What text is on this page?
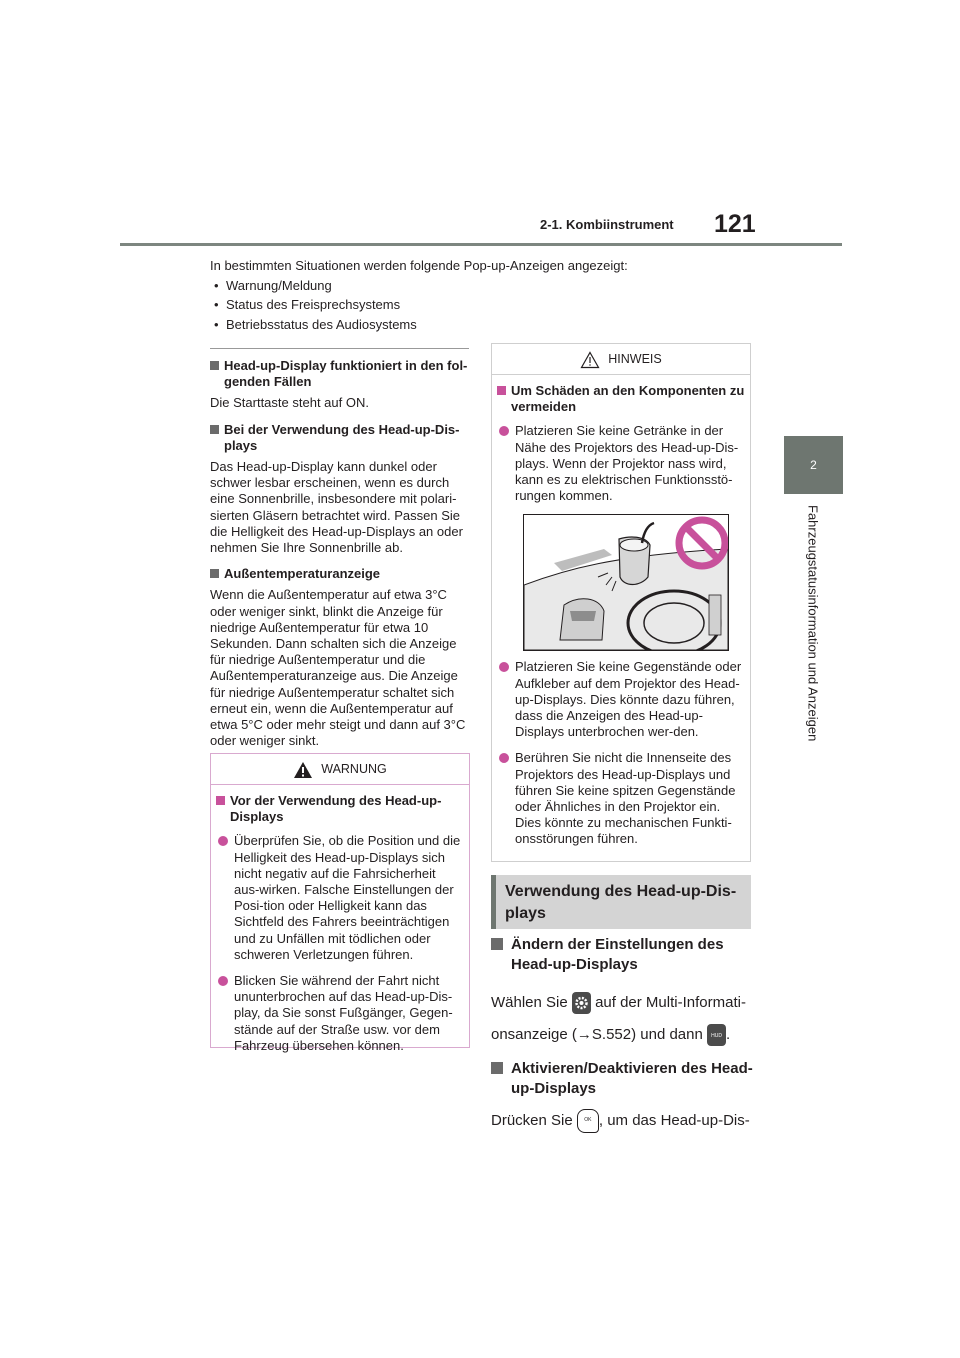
2-1. Kombiinstrument 121
2
Fahrzeugstatusinformation und Anzeigen

In bestimmten Situationen werden folgende Pop-up-Anzeigen angezeigt:

• Warnung/Meldung
• Status des Freisprechsystems
• Betriebsstatus des Audiosystems
Head-up-Display funktioniert in den fol-genden Fällen
Die Starttaste steht auf ON.
Bei der Verwendung des Head-up-Dis-plays
Das Head-up-Display kann dunkel oder schwer lesbar erscheinen, wenn es durch eine Sonnenbrille, insbesondere mit polari-sierten Gläsern betrachtet wird. Passen Sie die Helligkeit des Head-up-Displays an oder nehmen Sie Ihre Sonnenbrille ab.
Außentemperaturanzeige
Wenn die Außentemperatur auf etwa 3°C oder weniger sinkt, blinkt die Anzeige für niedrige Außentemperatur für etwa 10 Sekunden. Dann schalten sich die Anzeige für niedrige Außentemperatur und die Außentemperaturanzeige aus. Die Anzeige für niedrige Außentemperatur schaltet sich erneut ein, wenn die Außentemperatur auf etwa 5°C oder mehr steigt und dann auf 3°C oder weniger sinkt.
WARNUNG
Vor der Verwendung des Head-up-Displays
Überprüfen Sie, ob die Position und die Helligkeit des Head-up-Displays sich nicht negativ auf die Fahrsicherheit aus-wirken. Falsche Einstellungen der Posi-tion oder Helligkeit kann das Sichtfeld des Fahrers beeinträchtigen und zu Unfällen mit tödlichen oder schweren Verletzungen führen.
Blicken Sie während der Fahrt nicht ununterbrochen auf das Head-up-Dis-play, da Sie sonst Fußgänger, Gegen-stände auf der Straße usw. vor dem Fahrzeug übersehen können.
HINWEIS
Um Schäden an den Komponenten zu vermeiden
Platzieren Sie keine Getränke in der Nähe des Projektors des Head-up-Dis-plays. Wenn der Projektor nass wird, kann es zu elektrischen Funktionsstö-rungen kommen.
Platzieren Sie keine Gegenstände oder Aufkleber auf dem Projektor des Head-up-Displays. Dies könnte dazu führen, dass die Anzeigen des Head-up-Displays unterbrochen wer-den.
Berühren Sie nicht die Innenseite des Projektors des Head-up-Displays und führen Sie keine spitzen Gegenstände oder Ähnliches in den Projektor ein. Dies könnte zu mechanischen Funkti-onsstörungen führen.
Verwendung des Head-up-Dis-plays
Ändern der Einstellungen des Head-up-Displays
Wählen Sie auf der Multi-Informati-onsanzeige (→S.552) und dann	HUD .
Aktivieren/Deaktivieren des Head-up-Displays
Drücken Sie	OK , um das Head-up-Dis-
